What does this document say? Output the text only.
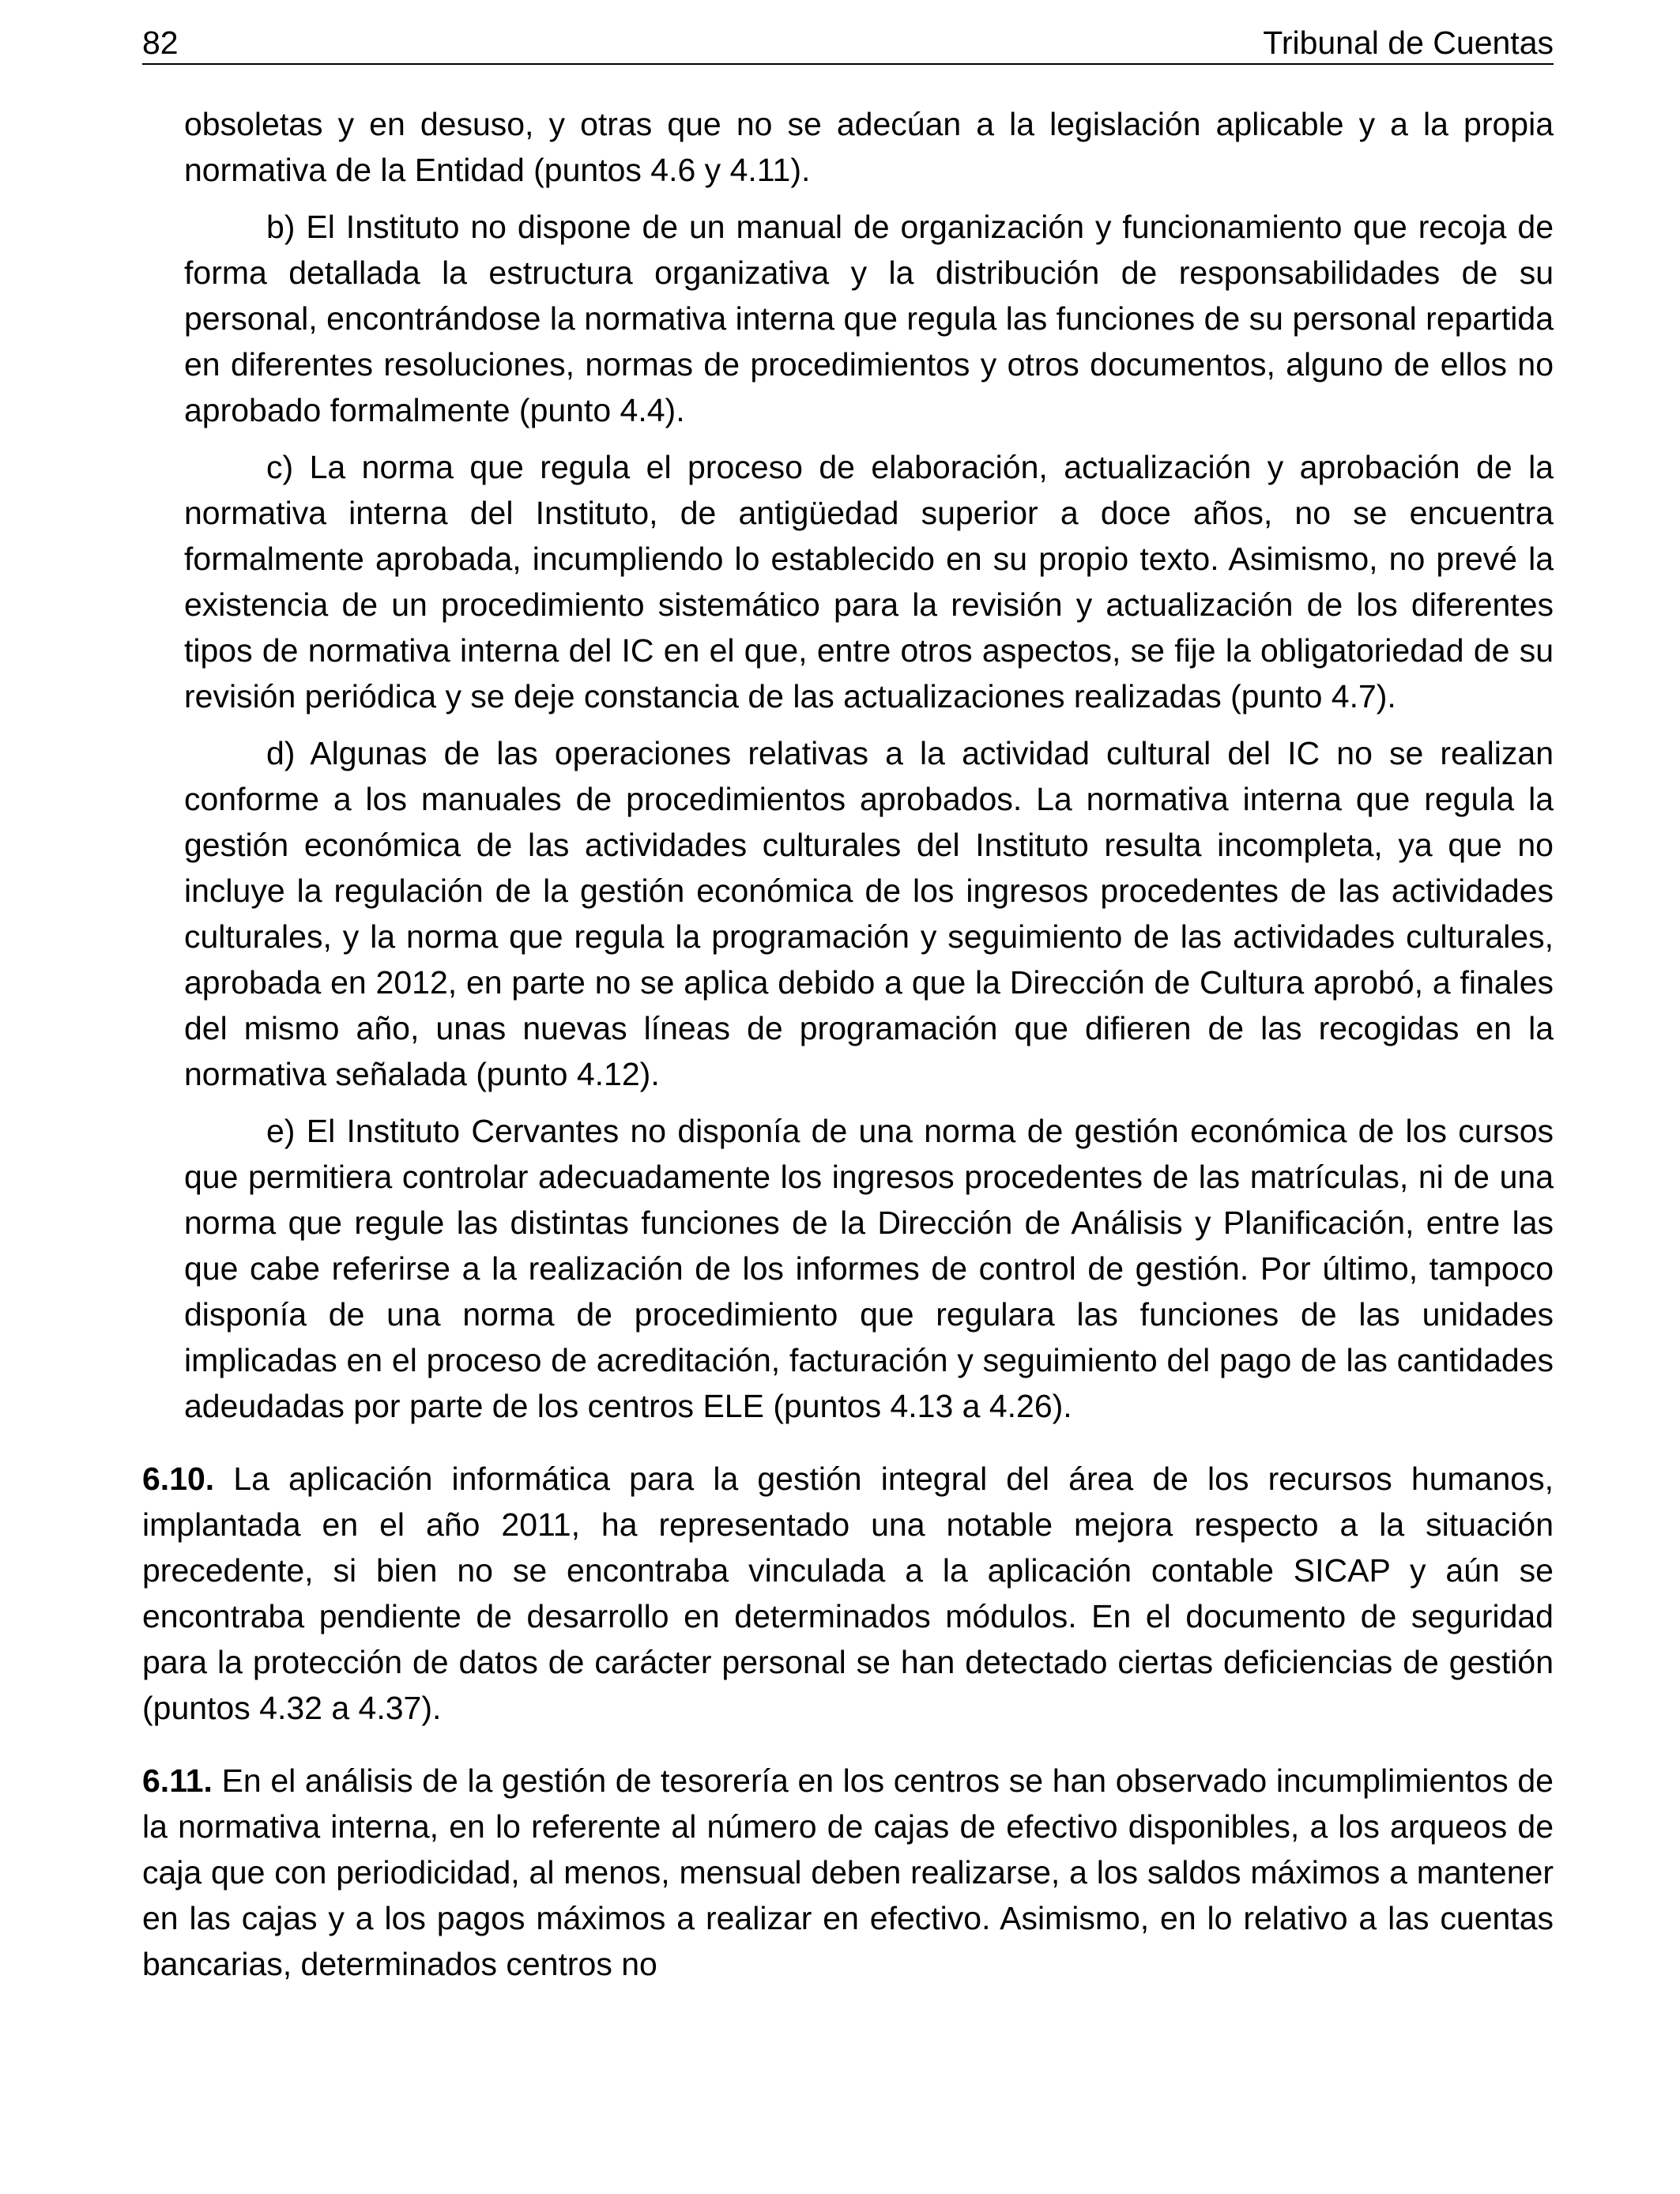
82	Tribunal de Cuentas

obsoletas y en desuso, y otras que no se adecúan a la legislación aplicable y a la propia normativa de la Entidad (puntos 4.6 y 4.11).

b) El Instituto no dispone de un manual de organización y funcionamiento que recoja de forma detallada la estructura organizativa y la distribución de responsabilidades de su personal, encontrándose la normativa interna que regula las funciones de su personal repartida en diferentes resoluciones, normas de procedimientos y otros documentos, alguno de ellos no aprobado formalmente (punto 4.4).

c) La norma que regula el proceso de elaboración, actualización y aprobación de la normativa interna del Instituto, de antigüedad superior a doce años, no se encuentra formalmente aprobada, incumpliendo lo establecido en su propio texto. Asimismo, no prevé la existencia de un procedimiento sistemático para la revisión y actualización de los diferentes tipos de normativa interna del IC en el que, entre otros aspectos, se fije la obligatoriedad de su revisión periódica y se deje constancia de las actualizaciones realizadas (punto 4.7).

d) Algunas de las operaciones relativas a la actividad cultural del IC no se realizan conforme a los manuales de procedimientos aprobados. La normativa interna que regula la gestión económica de las actividades culturales del Instituto resulta incompleta, ya que no incluye la regulación de la gestión económica de los ingresos procedentes de las actividades culturales, y la norma que regula la programación y seguimiento de las actividades culturales, aprobada en 2012, en parte no se aplica debido a que la Dirección de Cultura aprobó, a finales del mismo año, unas nuevas líneas de programación que difieren de las recogidas en la normativa señalada (punto 4.12).

e) El Instituto Cervantes no disponía de una norma de gestión económica de los cursos que permitiera controlar adecuadamente los ingresos procedentes de las matrículas, ni de una norma que regule las distintas funciones de la Dirección de Análisis y Planificación, entre las que cabe referirse a la realización de los informes de control de gestión. Por último, tampoco disponía de una norma de procedimiento que regulara las funciones de las unidades implicadas en el proceso de acreditación, facturación y seguimiento del pago de las cantidades adeudadas por parte de los centros ELE (puntos 4.13 a 4.26).

6.10. La aplicación informática para la gestión integral del área de los recursos humanos, implantada en el año 2011, ha representado una notable mejora respecto a la situación precedente, si bien no se encontraba vinculada a la aplicación contable SICAP y aún se encontraba pendiente de desarrollo en determinados módulos. En el documento de seguridad para la protección de datos de carácter personal se han detectado ciertas deficiencias de gestión (puntos 4.32 a 4.37).

6.11. En el análisis de la gestión de tesorería en los centros se han observado incumplimientos de la normativa interna, en lo referente al número de cajas de efectivo disponibles, a los arqueos de caja que con periodicidad, al menos, mensual deben realizarse, a los saldos máximos a mantener en las cajas y a los pagos máximos a realizar en efectivo. Asimismo, en lo relativo a las cuentas bancarias, determinados centros no
